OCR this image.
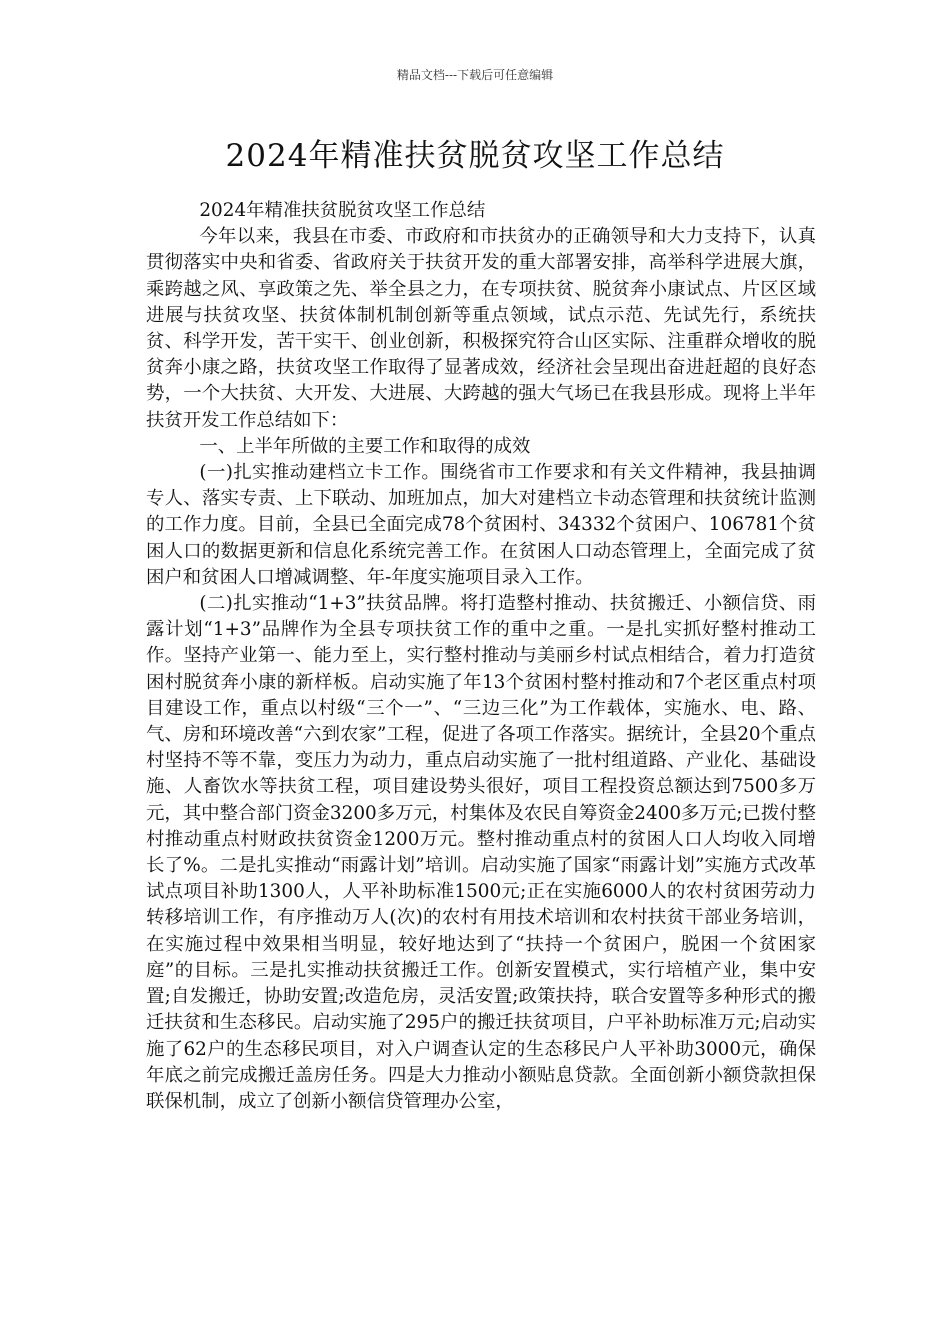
精品文档---下载后可任意编辑
2024年精准扶贫脱贫攻坚工作总结

2024年精准扶贫脱贫攻坚工作总结

今年以来，我县在市委、市政府和市扶贫办的正确领导和大力支持下，认真贯彻落实中央和省委、省政府关于扶贫开发的重大部署安排，高举科学进展大旗，乘跨越之风、享政策之先、举全县之力，在专项扶贫、脱贫奔小康试点、片区区域进展与扶贫攻坚、扶贫体制机制创新等重点领域，试点示范、先试先行，系统扶贫、科学开发，苦干实干、创业创新，积极探究符合山区实际、注重群众增收的脱贫奔小康之路，扶贫攻坚工作取得了显著成效，经济社会呈现出奋进赶超的良好态势，一个大扶贫、大开发、大进展、大跨越的强大气场已在我县形成。现将上半年扶贫开发工作总结如下：

一、上半年所做的主要工作和取得的成效

(一)扎实推动建档立卡工作。围绕省市工作要求和有关文件精神，我县抽调专人、落实专责、上下联动、加班加点，加大对建档立卡动态管理和扶贫统计监测的工作力度。目前，全县已全面完成78个贫困村、34332个贫困户、106781个贫困人口的数据更新和信息化系统完善工作。在贫困人口动态管理上，全面完成了贫困户和贫困人口增减调整、年-年度实施项目录入工作。

(二)扎实推动“1+3”扶贫品牌。将打造整村推动、扶贫搬迁、小额信贷、雨露计划“1+3”品牌作为全县专项扶贫工作的重中之重。一是扎实抓好整村推动工作。坚持产业第一、能力至上，实行整村推动与美丽乡村试点相结合，着力打造贫困村脱贫奔小康的新样板。启动实施了年13个贫困村整村推动和7个老区重点村项目建设工作，重点以村级“三个一”、“三边三化”为工作载体，实施水、电、路、气、房和环境改善“六到农家”工程，促进了各项工作落实。据统计，全县20个重点村坚持不等不靠，变压力为动力，重点启动实施了一批村组道路、产业化、基础设施、人畜饮水等扶贫工程，项目建设势头很好，项目工程投资总额达到7500多万元，其中整合部门资金3200多万元，村集体及农民自筹资金2400多万元;已拨付整村推动重点村财政扶贫资金1200万元。整村推动重点村的贫困人口人均收入同增长了%。二是扎实推动“雨露计划”培训。启动实施了国家“雨露计划”实施方式改革试点项目补助1300人，人平补助标准1500元;正在实施6000人的农村贫困劳动力转移培训工作，有序推动万人(次)的农村有用技术培训和农村扶贫干部业务培训，在实施过程中效果相当明显，较好地达到了“扶持一个贫困户，脱困一个贫困家庭”的目标。三是扎实推动扶贫搬迁工作。创新安置模式，实行培植产业，集中安置;自发搬迁，协助安置;改造危房，灵活安置;政策扶持，联合安置等多种形式的搬迁扶贫和生态移民。启动实施了295户的搬迁扶贫项目，户平补助标准万元;启动实施了62户的生态移民项目，对入户调查认定的生态移民户人平补助3000元，确保年底之前完成搬迁盖房任务。四是大力推动小额贴息贷款。全面创新小额贷款担保联保机制，成立了创新小额信贷管理办公室，
